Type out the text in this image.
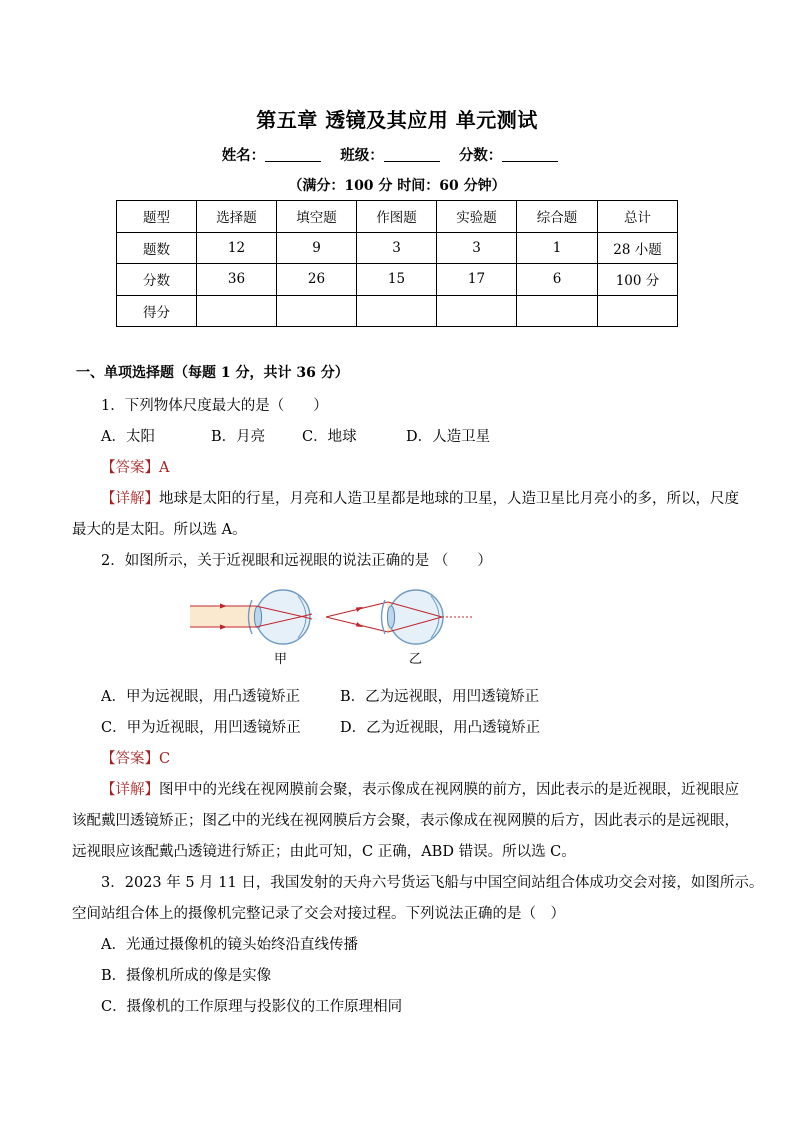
第五章 透镜及其应用 单元测试
姓名：	班级：	分数：
（满分：100 分 时间：60 分钟）
题型	选择题	填空题	作图题	实验题	综合题	总计
题数	12	9	3	3	1	28 小题
分数	36	26	15	17	6	100 分
得分						
一、单项选择题（每题 1 分，共计 36 分）
1．下列物体尺度最大的是（　　）
A．太阳	B．月亮	C．地球	D．人造卫星
【答案】A
【详解】地球是太阳的行星，月亮和人造卫星都是地球的卫星，人造卫星比月亮小的多，所以，尺度
最大的是太阳。所以选 A。
2．如图所示，关于近视眼和远视眼的说法正确的是 （　　）
甲	乙
A．甲为远视眼，用凸透镜矫正	B．乙为远视眼，用凹透镜矫正
C．甲为近视眼，用凹透镜矫正	D．乙为近视眼，用凸透镜矫正
【答案】C
【详解】图甲中的光线在视网膜前会聚，表示像成在视网膜的前方，因此表示的是近视眼，近视眼应
该配戴凹透镜矫正；图乙中的光线在视网膜后方会聚，表示像成在视网膜的后方，因此表示的是远视眼，
远视眼应该配戴凸透镜进行矫正；由此可知，C 正确，ABD 错误。所以选 C。
3．2023 年 5 月 11 日，我国发射的天舟六号货运飞船与中国空间站组合体成功交会对接，如图所示。
空间站组合体上的摄像机完整记录了交会对接过程。下列说法正确的是（　）
A．光通过摄像机的镜头始终沿直线传播
B．摄像机所成的像是实像
C．摄像机的工作原理与投影仪的工作原理相同
